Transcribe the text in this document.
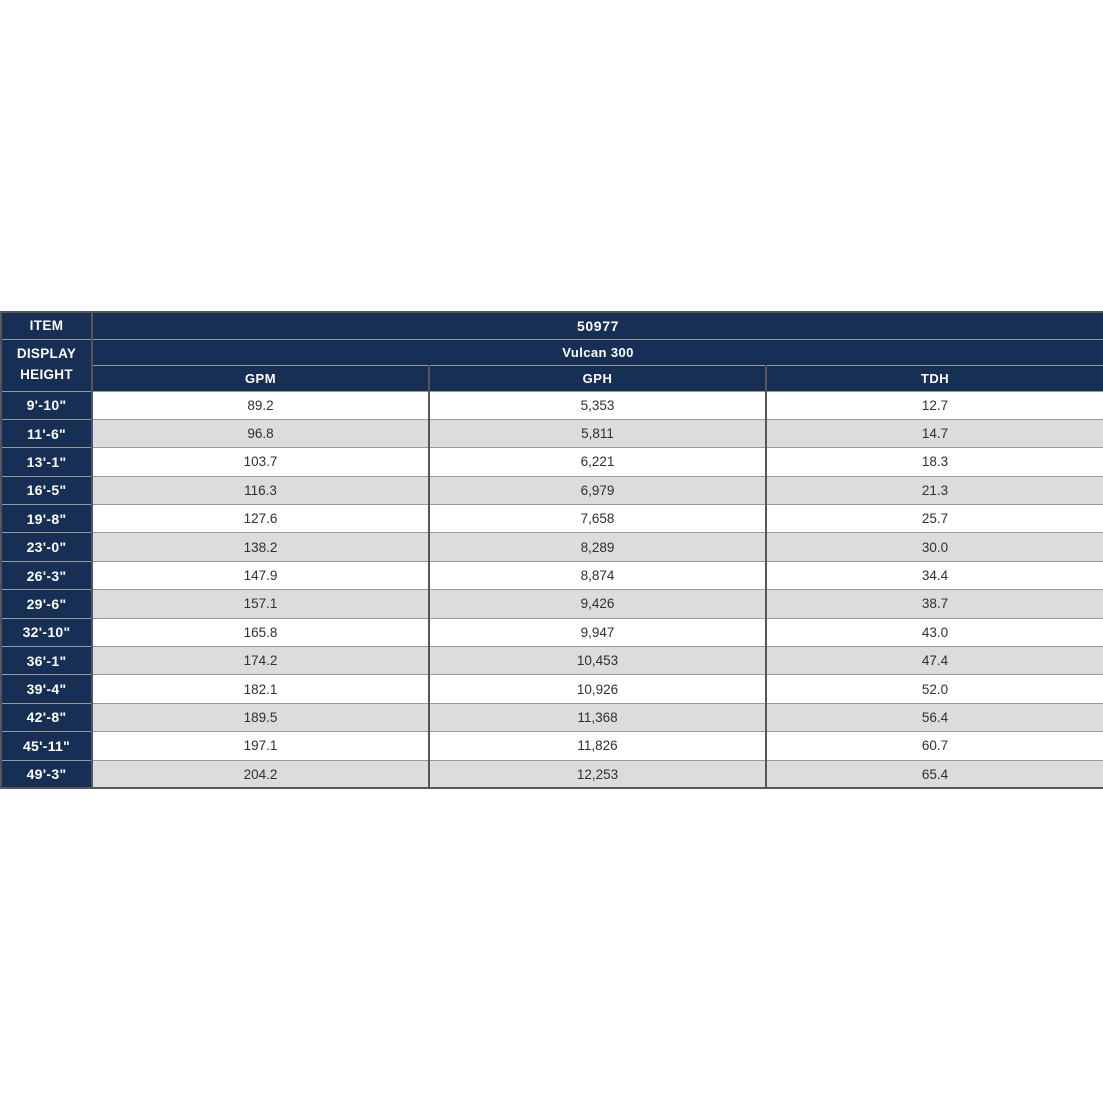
ITEM	50977		
DISPLAY HEIGHT	Vulcan 300		
	GPM	GPH	TDH
9'-10"	89.2	5,353	12.7
11'-6"	96.8	5,811	14.7
13'-1"	103.7	6,221	18.3
16'-5"	116.3	6,979	21.3
19'-8"	127.6	7,658	25.7
23'-0"	138.2	8,289	30.0
26'-3"	147.9	8,874	34.4
29'-6"	157.1	9,426	38.7
32'-10"	165.8	9,947	43.0
36'-1"	174.2	10,453	47.4
39'-4"	182.1	10,926	52.0
42'-8"	189.5	11,368	56.4
45'-11"	197.1	11,826	60.7
49'-3"	204.2	12,253	65.4
